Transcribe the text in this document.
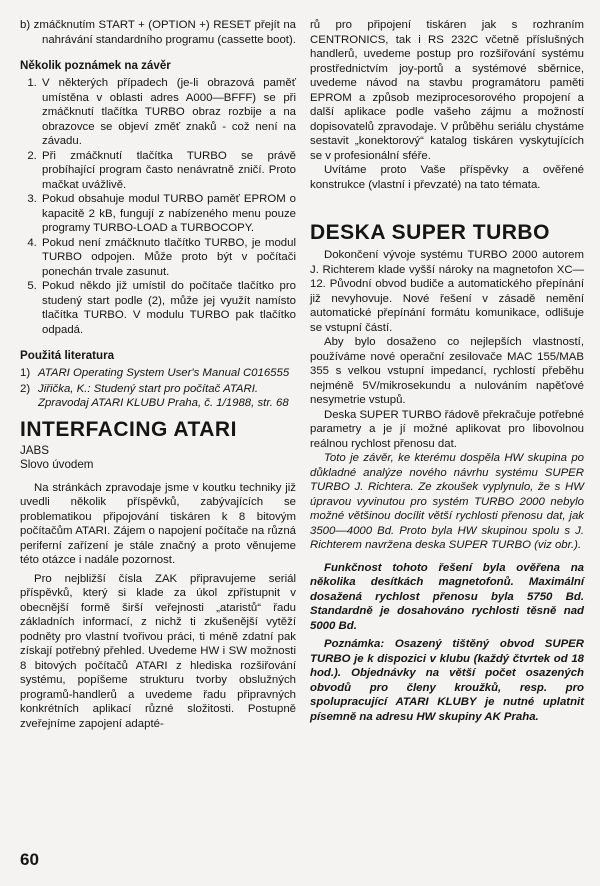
b) zmáčknutím START + (OPTION +) RESET přejít na nahrávání standardního programu (cassette boot).

Několik poznámek na závěr
1. V některých případech (je-li obrazová paměť umístěna v oblasti adres A000—BFFF) se při zmáčknutí tlačítka TURBO obraz rozbije a na obrazovce se objeví změť znaků - což není na závadu.
2. Při zmáčknutí tlačítka TURBO se právě probíhající program často nenávratně zničí. Proto mačkat uvážlivě.
3. Pokud obsahuje modul TURBO paměť EPROM o kapacitě 2 kB, fungují z nabízeného menu pouze programy TURBO-LOAD a TURBOCOPY.
4. Pokud není zmáčknuto tlačítko TURBO, je modul TURBO odpojen. Může proto být v počítači ponechán trvale zasunut.
5. Pokud někdo již umístil do počítače tlačítko pro studený start podle (2), může jej využít namísto tlačítka TURBO. V modulu TURBO pak tlačítko odpadá.
Použitá literatura
1) ATARI Operating System User's Manual C016555
2) Jiřička, K.: Studený start pro počítač ATARI. Zpravodaj ATARI KLUBU Praha, č. 1/1988, str. 68
INTERFACING ATARI
JABS
Slovo úvodem

Na stránkách zpravodaje jsme v koutku techniky již uvedli několik příspěvků, zabývajících se problematikou připojování tiskáren k 8 bitovým počítačům ATARI. Zájem o napojení počítače na různá periferní zařízení je stále značný a proto věnujeme této otázce i nadále pozornost.

Pro nejbližší čísla ZAK připravujeme seriál příspěvků, který si klade za úkol zpřístupnit v obecnější formě širší veřejnosti „ataristů“ řadu základních informací, z nichž ti zkušenější vytěží podněty pro vlastní tvořivou práci, ti méně zdatní pak získají potřebný přehled. Uvedeme HW i SW možnosti 8 bitových počítačů ATARI z hlediska rozšiřování systému, popíšeme strukturu tvorby obslužných programů-handlerů a uvedeme řadu připravných konkrétních aplikací různé složitosti. Postupně zveřejníme zapojení adapté-

rů pro připojení tiskáren jak s rozhraním CENTRONICS, tak i RS 232C včetně příslušných handlerů, uvedeme postup pro rozšiřování systému prostřednictvím joy-portů a systémové sběrnice, uvedeme návod na stavbu programátoru paměti EPROM a způsob meziprocesorového propojení a další aplikace podle vašeho zájmu a možností dopisovatelů zpravodaje. V průběhu seriálu chystáme sestavit „konektorový“ katalog tiskáren vyskytujících se v profesionální sféře.

Uvítáme proto Vaše příspěvky a ověřené konstrukce (vlastní i převzaté) na tato témata.

DESKA SUPER TURBO

Dokončení vývoje systému TURBO 2000 autorem J. Richterem klade vyšší nároky na magnetofon XC—12. Původní obvod budiče a automatického přepínání již nevyhovuje. Nové řešení v zásadě nemění automatické přepínání formátu komunikace, odlišuje se vstupní částí.

Aby bylo dosaženo co nejlepších vlastností, používáme nové operační zesilovače MAC 155/MAB 355 s velkou vstupní impedancí, rychlostí přeběhu nejméně 5V/mikrosekundu a nulováním napěťové nesymetrie vstupů.

Deska SUPER TURBO řádově překračuje potřebné parametry a je jí možné aplikovat pro libovolnou reálnou rychlost přenosu dat.

Toto je závěr, ke kterému dospěla HW skupina po důkladné analýze nového návrhu systému SUPER TURBO J. Richtera. Ze zkoušek vyplynulo, že s HW úpravou vyvinutou pro systém TURBO 2000 nebylo možné většinou docílit větší rychlosti přenosu dat, jak 3500—4000 Bd. Proto byla HW skupinou spolu s J. Richterem navržena deska SUPER TURBO (viz obr.).

Funkčnost tohoto řešení byla ověřena na několika desítkách magnetofonů. Maximální dosažená rychlost přenosu byla 5750 Bd. Standardně je dosahováno rychlosti těsně nad 5000 Bd.

Poznámka: Osazený tištěný obvod SUPER TURBO je k dispozici v klubu (každý čtvrtek od 18 hod.). Objednávky na větší počet osazených obvodů pro členy kroužků, resp. pro spolupracující ATARI KLUBY je nutné uplatnit písemně na adresu HW skupiny AK Praha.

60
